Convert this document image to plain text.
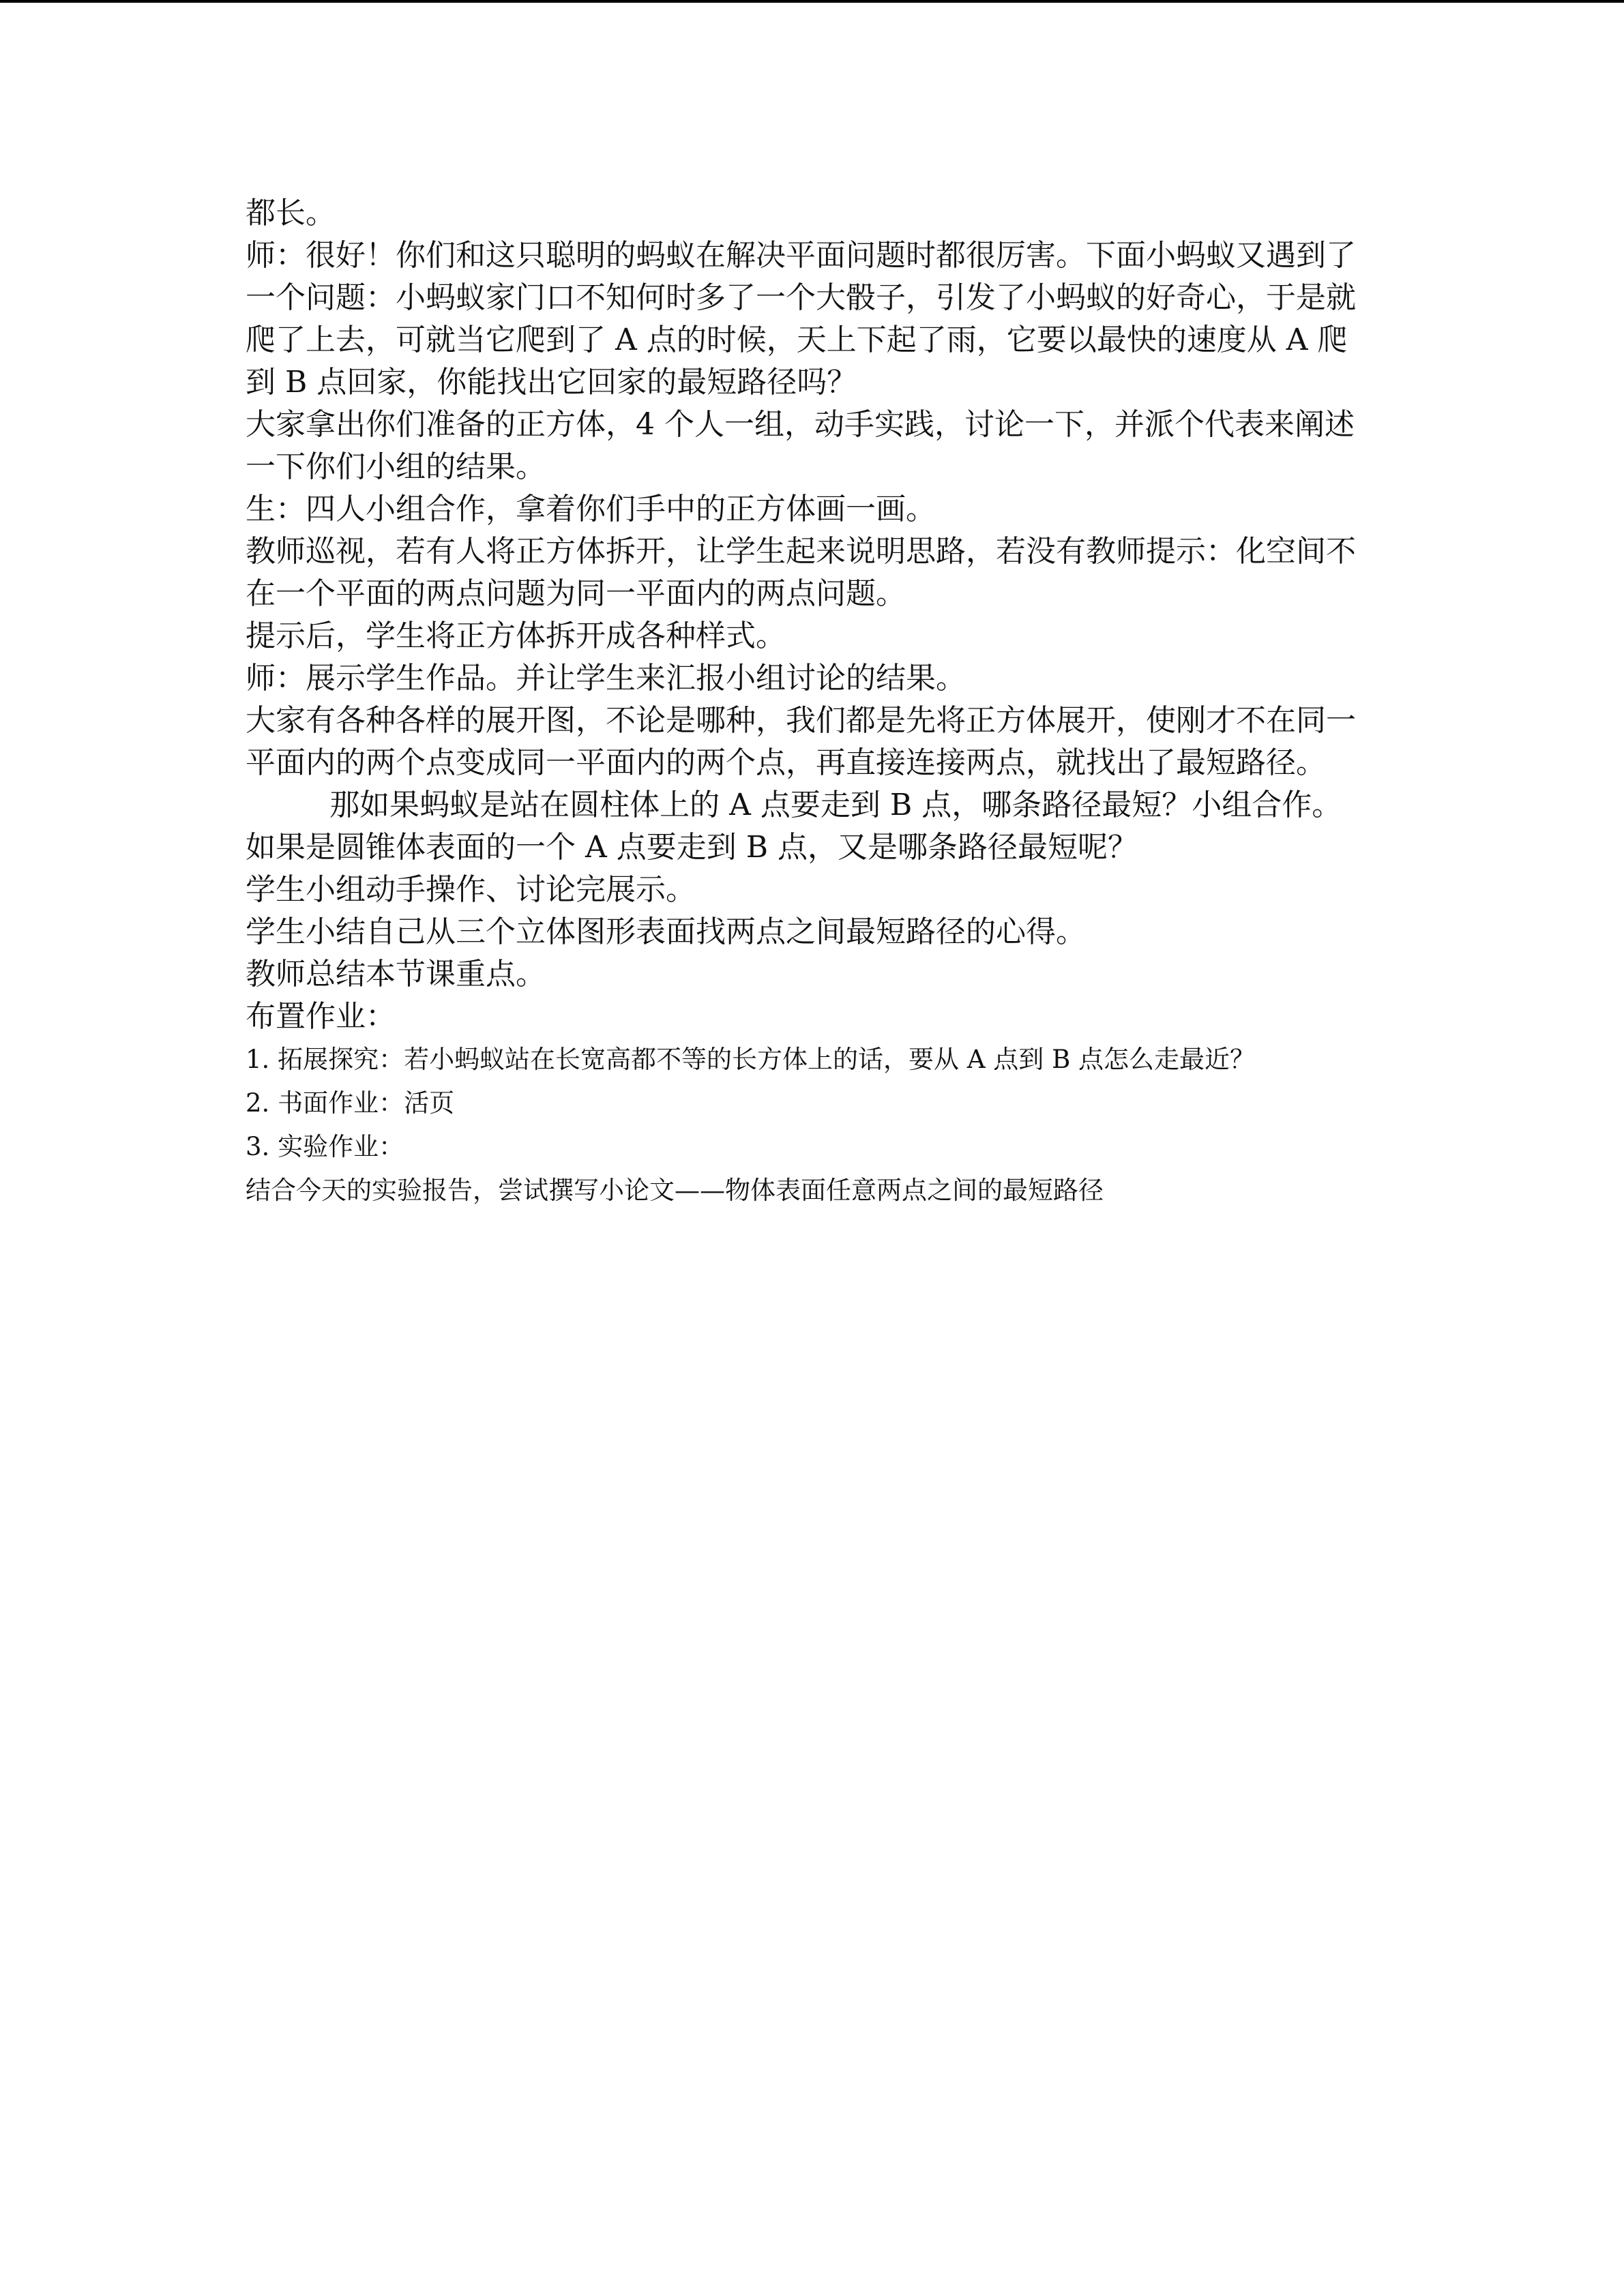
都长。

师：很好！你们和这只聪明的蚂蚁在解决平面问题时都很厉害。下面小蚂蚁又遇到了一个问题：小蚂蚁家门口不知何时多了一个大骰子，引发了小蚂蚁的好奇心，于是就爬了上去，可就当它爬到了 A 点的时候，天上下起了雨，它要以最快的速度从 A 爬到 B 点回家，你能找出它回家的最短路径吗？

大家拿出你们准备的正方体，4 个人一组，动手实践，讨论一下，并派个代表来阐述一下你们小组的结果。

生：四人小组合作，拿着你们手中的正方体画一画。

教师巡视，若有人将正方体拆开，让学生起来说明思路，若没有教师提示：化空间不在一个平面的两点问题为同一平面内的两点问题。

提示后，学生将正方体拆开成各种样式。

师：展示学生作品。并让学生来汇报小组讨论的结果。

大家有各种各样的展开图，不论是哪种，我们都是先将正方体展开，使刚才不在同一平面内的两个点变成同一平面内的两个点，再直接连接两点，就找出了最短路径。

那如果蚂蚁是站在圆柱体上的 A 点要走到 B 点，哪条路径最短？小组合作。

如果是圆锥体表面的一个 A 点要走到 B 点，又是哪条路径最短呢？

学生小组动手操作、讨论完展示。

学生小结自己从三个立体图形表面找两点之间最短路径的心得。

教师总结本节课重点。

布置作业：

1. 拓展探究：若小蚂蚁站在长宽高都不等的长方体上的话，要从 A 点到 B 点怎么走最近？

2. 书面作业：活页

3. 实验作业：

结合今天的实验报告，尝试撰写小论文——物体表面任意两点之间的最短路径
